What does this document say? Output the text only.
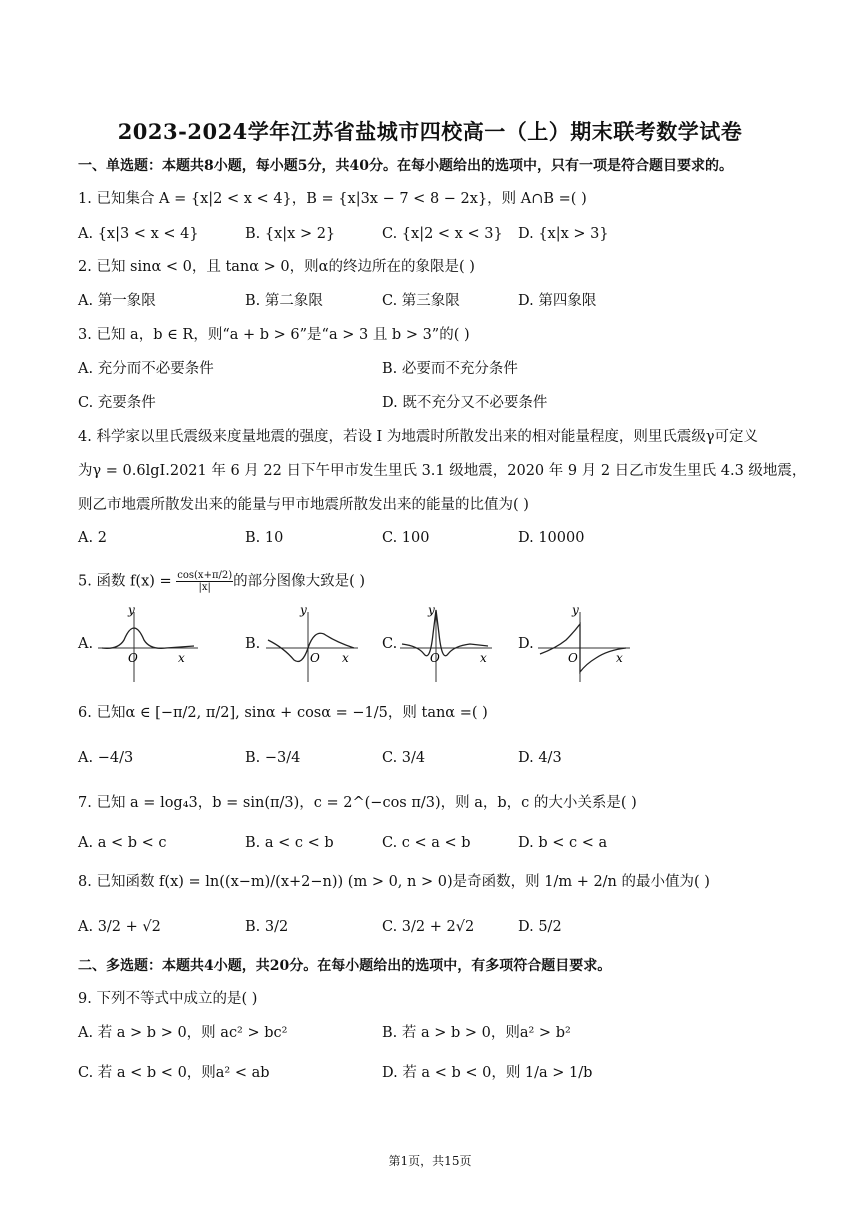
2023-2024学年江苏省盐城市四校高一（上）期末联考数学试卷
一、单选题：本题共8小题，每小题5分，共40分。在每小题给出的选项中，只有一项是符合题目要求的。
1. 已知集合 A = {x|2 < x < 4}，B = {x|3x − 7 < 8 − 2x}，则 A∩B =( )
A. {x|3 < x < 4}	B. {x|x > 2}	C. {x|2 < x < 3} D. {x|x > 3}
2. 已知 sinα < 0，且 tanα > 0，则α的终边所在的象限是( )
A. 第一象限	B. 第二象限	C. 第三象限	D. 第四象限
3. 已知 a，b ∈ R，则“a + b > 6”是“a > 3 且 b > 3”的( )
A. 充分而不必要条件	B. 必要而不充分条件
C. 充要条件	D. 既不充分又不必要条件
4. 科学家以里氏震级来度量地震的强度，若设 I 为地震时所散发出来的相对能量程度，则里氏震级γ可定义
为γ = 0.6lgI.2021 年 6 月 22 日下午甲市发生里氏 3.1 级地震，2020 年 9 月 2 日乙市发生里氏 4.3 级地震，
则乙市地震所散发出来的能量与甲市地震所散发出来的能量的比值为( )
A. 2	B. 10	C. 100	D. 10000
5. 函数 $f(x) = \frac{\cos(x+\pi/2)}{|x|}$ 的部分图像大致是( )
A.
y
O	x
B.
y
O x
C.
y
O	x
D.
y
O	x
6. 已知α ∈ [−π/2, π/2], sinα + cosα = −1/5，则 tanα =( )
A. −4/3	B. −3/4	C. 3/4	D. 4/3
7. 已知 a = log₄3，b = sin(π/3)，c = 2^(−cos π/3)，则 a，b，c 的大小关系是( )
A. a < b < c	B. a < c < b	C. c < a < b	D. b < c < a
8. 已知函数 f(x) = ln((x−m)/(x+2−n)) (m > 0, n > 0)是奇函数，则 1/m + 2/n 的最小值为( )
A. 3/2 + √2	B. 3/2	C. 3/2 + 2√2	D. 5/2
二、多选题：本题共4小题，共20分。在每小题给出的选项中，有多项符合题目要求。
9. 下列不等式中成立的是( )
A. 若 a > b > 0，则 ac² > bc²	B. 若 a > b > 0，则a² > b²
C. 若 a < b < 0，则a² < ab	D. 若 a < b < 0，则 1/a > 1/b
第1页，共15页
